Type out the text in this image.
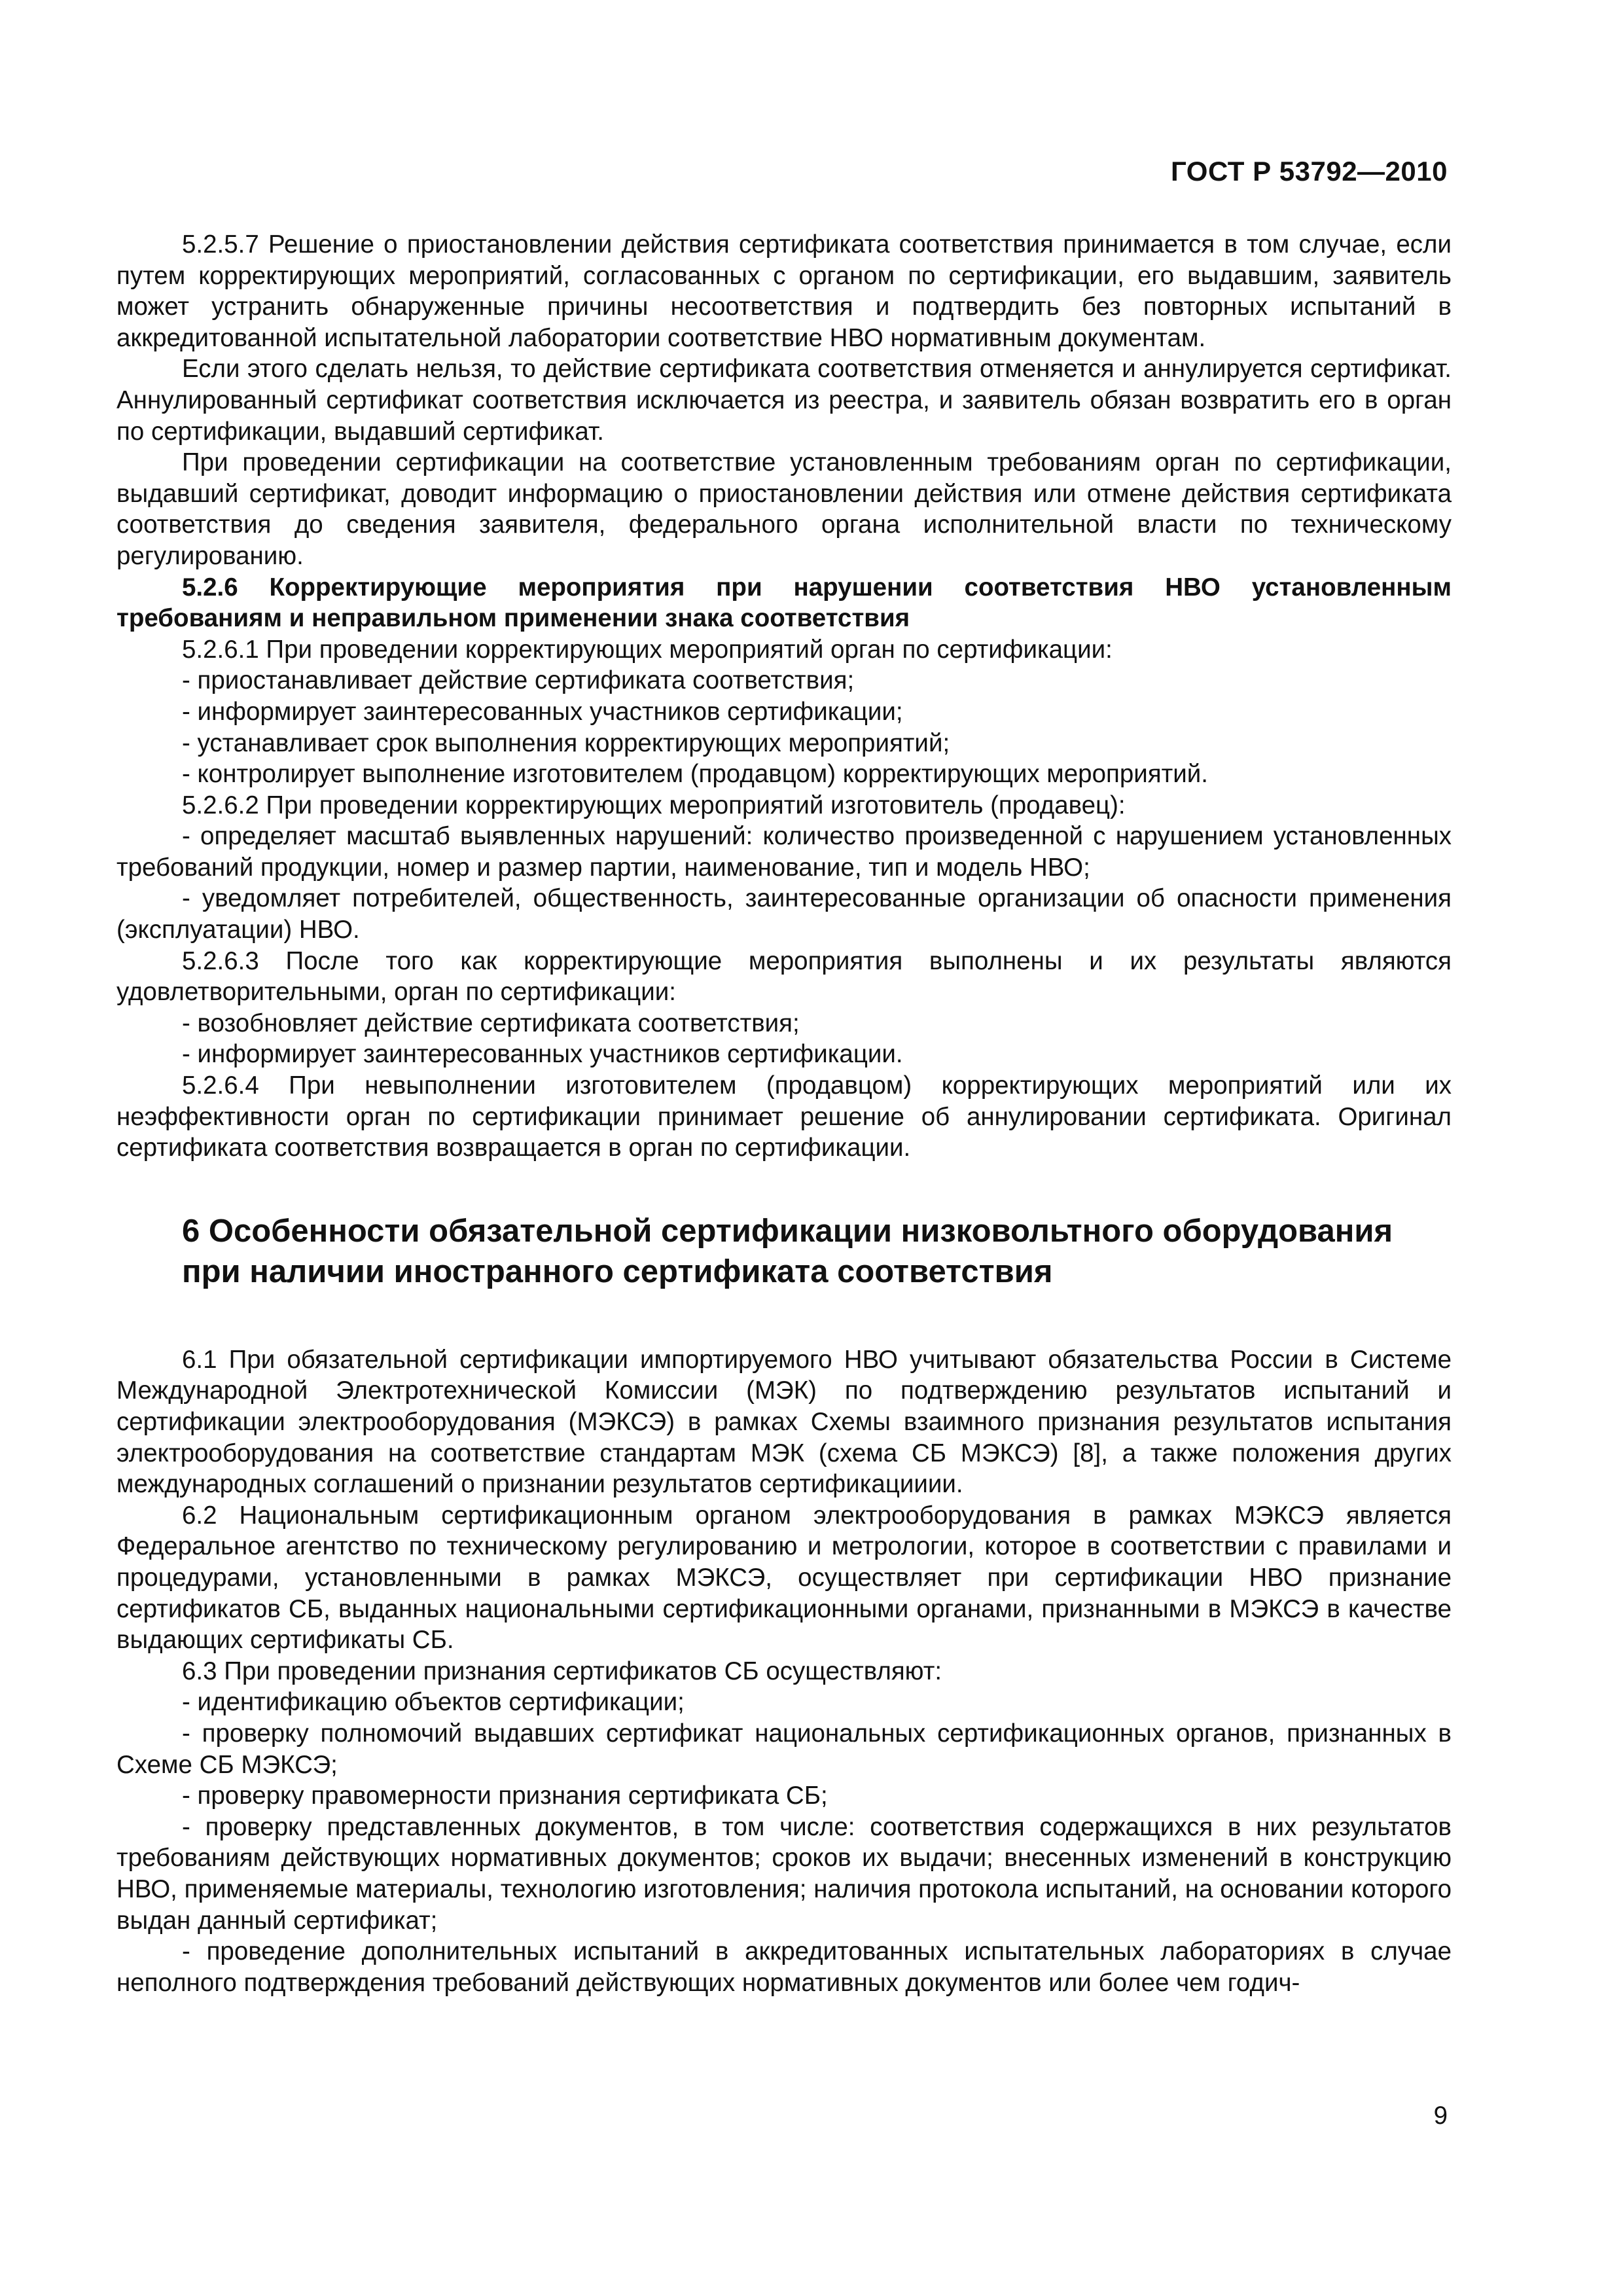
ГОСТ Р 53792—2010

5.2.5.7 Решение о приостановлении действия сертификата соответствия принимается в том случае, если путем корректирующих мероприятий, согласованных с органом по сертификации, его выдавшим, заявитель может устранить обнаруженные причины несоответствия и подтвердить без повторных испытаний в аккредитованной испытательной лаборатории соответствие НВО нормативным документам.

Если этого сделать нельзя, то действие сертификата соответствия отменяется и аннулируется сертификат. Аннулированный сертификат соответствия исключается из реестра, и заявитель обязан возвратить его в орган по сертификации, выдавший сертификат.

При проведении сертификации на соответствие установленным требованиям орган по сертификации, выдавший сертификат, доводит информацию о приостановлении действия или отмене действия сертификата соответствия до сведения заявителя, федерального органа исполнительной власти по техническому регулированию.

5.2.6 Корректирующие мероприятия при нарушении соответствия НВО установленным требованиям и неправильном применении знака соответствия

5.2.6.1 При проведении корректирующих мероприятий орган по сертификации:

- приостанавливает действие сертификата соответствия;

- информирует заинтересованных участников сертификации;

- устанавливает срок выполнения корректирующих мероприятий;

- контролирует выполнение изготовителем (продавцом) корректирующих мероприятий.

5.2.6.2 При проведении корректирующих мероприятий изготовитель (продавец):

- определяет масштаб выявленных нарушений: количество произведенной с нарушением установленных требований продукции, номер и размер партии, наименование, тип и модель НВО;

- уведомляет потребителей, общественность, заинтересованные организации об опасности применения (эксплуатации) НВО.

5.2.6.3 После того как корректирующие мероприятия выполнены и их результаты являются удовлетворительными, орган по сертификации:

- возобновляет действие сертификата соответствия;

- информирует заинтересованных участников сертификации.

5.2.6.4 При невыполнении изготовителем (продавцом) корректирующих мероприятий или их неэффективности орган по сертификации принимает решение об аннулировании сертификата. Оригинал сертификата соответствия возвращается в орган по сертификации.

6 Особенности обязательной сертификации низковольтного оборудования при наличии иностранного сертификата соответствия

6.1 При обязательной сертификации импортируемого НВО учитывают обязательства России в Системе Международной Электротехнической Комиссии (МЭК) по подтверждению результатов испытаний и сертификации электрооборудования (МЭКСЭ) в рамках Схемы взаимного признания результатов испытания электрооборудования на соответствие стандартам МЭК (схема СБ МЭКСЭ) [8], а также положения других международных соглашений о признании результатов сертификацииии.

6.2 Национальным сертификационным органом электрооборудования в рамках МЭКСЭ является Федеральное агентство по техническому регулированию и метрологии, которое в соответствии с правилами и процедурами, установленными в рамках МЭКСЭ, осуществляет при сертификации НВО признание сертификатов СБ, выданных национальными сертификационными органами, признанными в МЭКСЭ в качестве выдающих сертификаты СБ.

6.3 При проведении признания сертификатов СБ осуществляют:

- идентификацию объектов сертификации;

- проверку полномочий выдавших сертификат национальных сертификационных органов, признанных в Схеме СБ МЭКСЭ;

- проверку правомерности признания сертификата СБ;

- проверку представленных документов, в том числе: соответствия содержащихся в них результатов требованиям действующих нормативных документов; сроков их выдачи; внесенных изменений в конструкцию НВО, применяемые материалы, технологию изготовления; наличия протокола испытаний, на основании которого выдан данный сертификат;

- проведение дополнительных испытаний в аккредитованных испытательных лабораториях в случае неполного подтверждения требований действующих нормативных документов или более чем годич-

9
